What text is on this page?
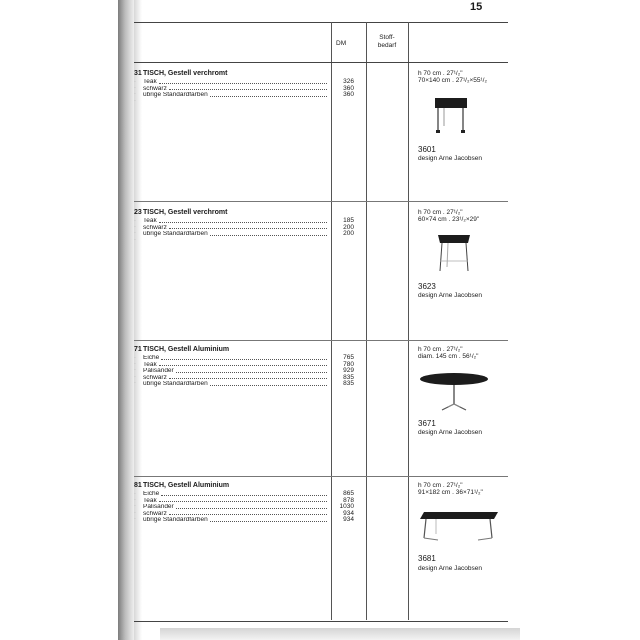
15
DM
Stoff-
bedarf
31
·
·
·
·
TISCH, Gestell verchromt
Teak
schwarz
übrige Standardfarben
326
360
360
h 70 cm . 27¹/₂"
70×140 cm . 27¹/₂×55¹/₂
3601
design Arne Jacobsen
23
·
·
·
·
TISCH, Gestell verchromt
Teak
schwarz
übrige Standardfarben
185
200
200
h 70 cm . 27¹/₂"
60×74 cm . 23¹/₂×29"
3623
design Arne Jacobsen
71
·
·
·
·
·
TISCH, Gestell Aluminium
Eiche
Teak
Palisander
schwarz
übrige Standardfarben
765
780
929
835
835
h 70 cm . 27¹/₂"
diam. 145 cm . 56¹/₂"
3671
design Arne Jacobsen
81
·
·
·
·
·
TISCH, Gestell Aluminium
Eiche
Teak
Palisander
schwarz
übrige Standardfarben
865
878
1030
934
934
h 70 cm . 27¹/₂"
91×182 cm . 36×71¹/₂"
3681
design Arne Jacobsen
